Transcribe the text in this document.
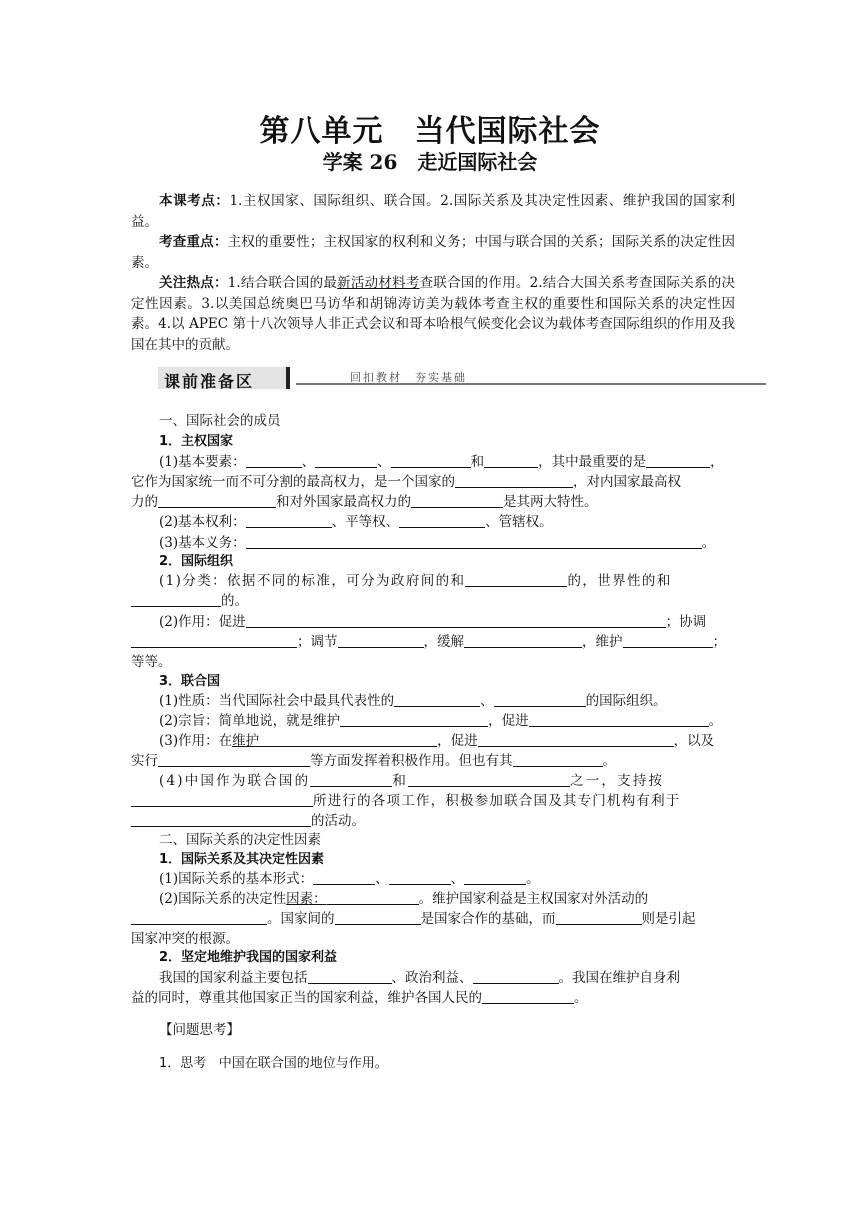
第八单元　当代国际社会
学案 26　走近国际社会
本课考点：1.主权国家、国际组织、联合国。2.国际关系及其决定性因素、维护我国的国家利益。
考查重点：主权的重要性；主权国家的权利和义务；中国与联合国的关系；国际关系的决定性因素。
关注热点：1.结合联合国的最新活动材料考查联合国的作用。2.结合大国关系考查国际关系的决定性因素。3.以美国总统奥巴马访华和胡锦涛访美为载体考查主权的重要性和国际关系的决定性因素。4.以 APEC 第十八次领导人非正式会议和哥本哈根气候变化会议为载体考查国际组织的作用及我国在其中的贡献。
课前准备区	回扣教材　夯实基础
一、国际社会的成员
1．主权国家
(1)基本要素：	、	、	和	，其中最重要的是	，
它作为国家统一而不可分割的最高权力，是一个国家的	，对内国家最高权
力的	和对外国家最高权力的	是其两大特性。
(2)基本权利：	、平等权、	、管辖权。
(3)基本义务：	。
2．国际组织
(1)分类：依据不同的标准，可分为政府间的和	的，世界性的和
的。
(2)作用：促进	；协调
；调节	，缓解	，维护	；
等等。
3．联合国
(1)性质：当代国际社会中最具代表性的	、	的国际组织。
(2)宗旨：简单地说，就是维护	，促进	。
(3)作用：在维护	，促进	，以及
实行	等方面发挥着积极作用。但也有其	。
(4)中国作为联合国的	和	之一，支持按
所进行的各项工作，积极参加联合国及其专门机构有利于
的活动。
二、国际关系的决定性因素
1．国际关系及其决定性因素
(1)国际关系的基本形式：	、	、	。
(2)国际关系的决定性因素：	。维护国家利益是主权国家对外活动的
。国家间的	是国家合作的基础，而	则是引起
国家冲突的根源。
2．坚定地维护我国的国家利益
我国的国家利益主要包括	、政治利益、	。我国在维护自身利
益的同时，尊重其他国家正当的国家利益，维护各国人民的	。
【问题思考】
1．思考 中国在联合国的地位与作用。
